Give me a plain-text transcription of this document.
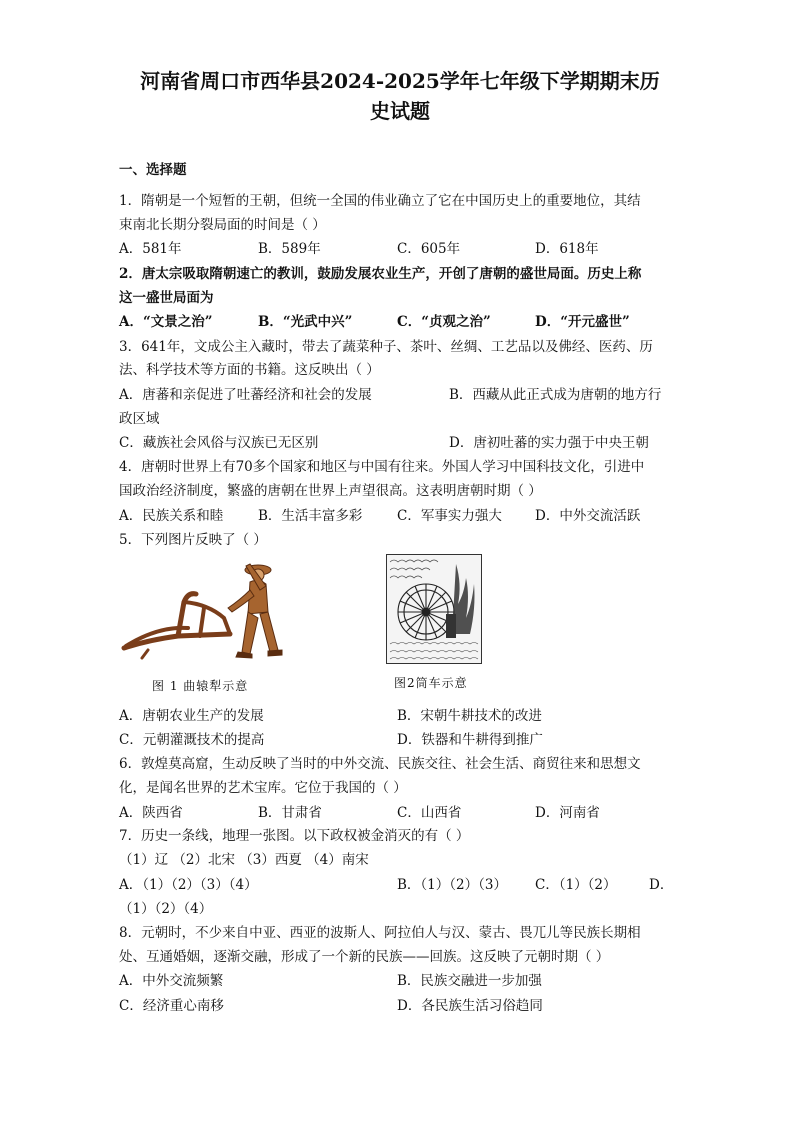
河南省周口市西华县2024-2025学年七年级下学期期末历
史试题
一、选择题
1．隋朝是一个短暂的王朝，但统一全国的伟业确立了它在中国历史上的重要地位，其结
束南北长期分裂局面的时间是（ ）
A．581年	B．589年	C．605年	D．618年
2．唐太宗吸取隋朝速亡的教训，鼓励发展农业生产，开创了唐朝的盛世局面。历史上称
这一盛世局面为
A．“文景之治”	B．“光武中兴”	C．“贞观之治”	D．“开元盛世”
3．641年，文成公主入藏时，带去了蔬菜种子、茶叶、丝绸、工艺品以及佛经、医药、历
法、科学技术等方面的书籍。这反映出（ ）
A．唐蕃和亲促进了吐蕃经济和社会的发展	B．西藏从此正式成为唐朝的地方行
政区域
C．藏族社会风俗与汉族已无区别	D．唐初吐蕃的实力强于中央王朝
4．唐朝时世界上有70多个国家和地区与中国有往来。外国人学习中国科技文化，引进中
国政治经济制度，繁盛的唐朝在世界上声望很高。这表明唐朝时期（ ）
A．民族关系和睦	B．生活丰富多彩	C．军事实力强大 D．中外交流活跃
5．下列图片反映了（ ）
图 1 曲辕犁示意	图2筒车示意
A．唐朝农业生产的发展	B．宋朝牛耕技术的改进
C．元朝灌溉技术的提高	D．铁器和牛耕得到推广
6．敦煌莫高窟，生动反映了当时的中外交流、民族交往、社会生活、商贸往来和思想文
化，是闻名世界的艺术宝库。它位于我国的（ ）
A．陕西省	B．甘肃省	C．山西省	D．河南省
7．历史一条线，地理一张图。以下政权被金消灭的有（ ）
（1）辽 （2）北宋 （3）西夏 （4）南宋
A．（1）（2）（3）（4）	B．（1）（2）（3） C．（1）（2） D．
（1）（2）（4）
8．元朝时，不少来自中亚、西亚的波斯人、阿拉伯人与汉、蒙古、畏兀儿等民族长期相
处、互通婚姻，逐渐交融，形成了一个新的民族——回族。这反映了元朝时期（ ）
A．中外交流频繁	B．民族交融进一步加强
C．经济重心南移	D．各民族生活习俗趋同
